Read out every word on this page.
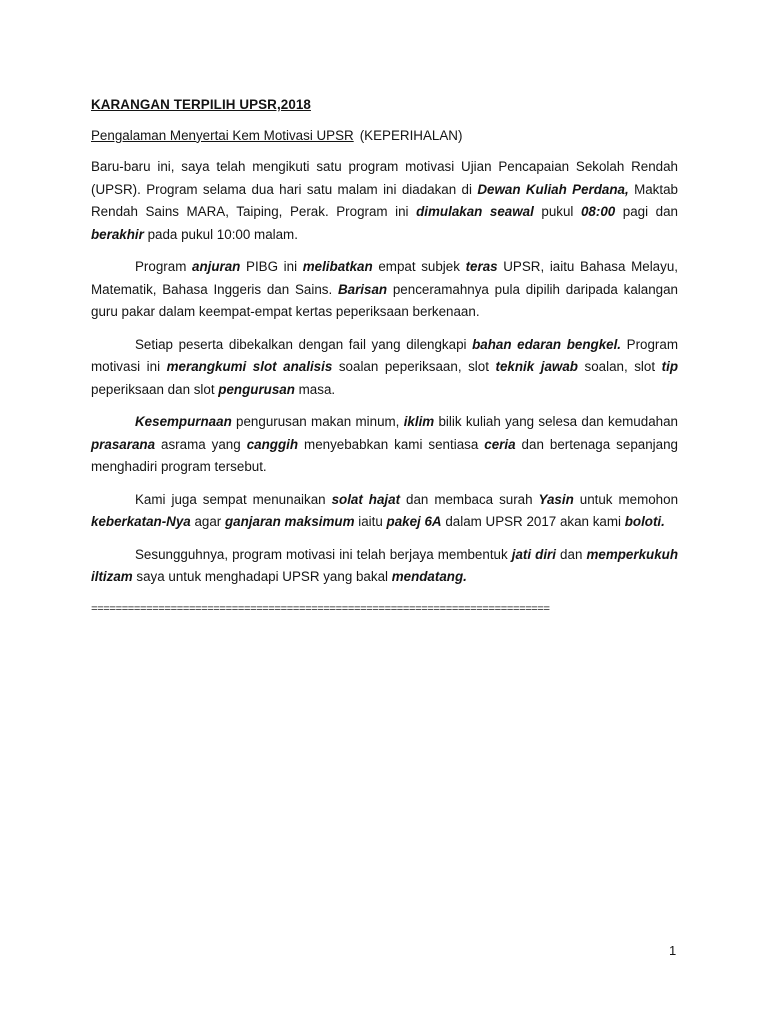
KARANGAN TERPILIH UPSR,2018
Pengalaman Menyertai Kem Motivasi UPSR (KEPERIHALAN)

Baru-baru ini, saya telah mengikuti satu program motivasi Ujian Pencapaian Sekolah Rendah (UPSR). Program selama dua hari satu malam ini diadakan di Dewan Kuliah Perdana, Maktab Rendah Sains MARA, Taiping, Perak. Program ini dimulakan seawal pukul 08:00 pagi dan berakhir pada pukul 10:00 malam.

Program anjuran PIBG ini melibatkan empat subjek teras UPSR, iaitu Bahasa Melayu, Matematik, Bahasa Inggeris dan Sains. Barisan penceramahnya pula dipilih daripada kalangan guru pakar dalam keempat-empat kertas peperiksaan berkenaan.

Setiap peserta dibekalkan dengan fail yang dilengkapi bahan edaran bengkel. Program motivasi ini merangkumi slot analisis soalan peperiksaan, slot teknik jawab soalan, slot tip peperiksaan dan slot pengurusan masa.

Kesempurnaan pengurusan makan minum, iklim bilik kuliah yang selesa dan kemudahan prasarana asrama yang canggih menyebabkan kami sentiasa ceria dan bertenaga sepanjang menghadiri program tersebut.

Kami juga sempat menunaikan solat hajat dan membaca surah Yasin untuk memohon keberkatan-Nya agar ganjaran maksimum iaitu pakej 6A dalam UPSR 2017 akan kami boloti.

Sesungguhnya, program motivasi ini telah berjaya membentuk jati diri dan memperkukuh iltizam saya untuk menghadapi UPSR yang bakal mendatang.

===========================================================================
1
